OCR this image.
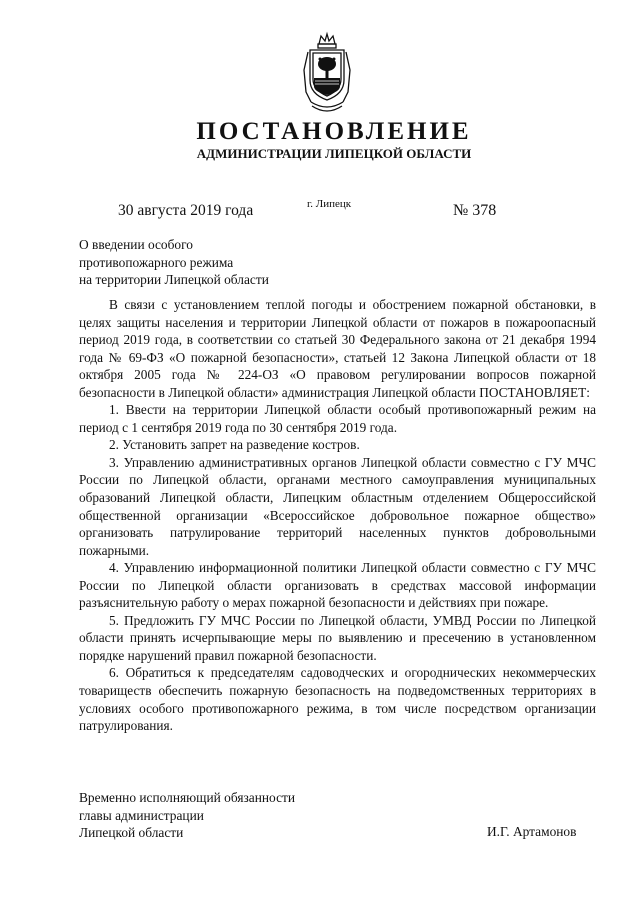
ПОСТАНОВЛЕНИЕ
АДМИНИСТРАЦИИ ЛИПЕЦКОЙ ОБЛАСТИ
30 августа 2019 года	г. Липецк	№ 378
О введении особого
противопожарного режима
на территории Липецкой области

В связи с установлением теплой погоды и обострением пожарной обстановки, в целях защиты населения и территории Липецкой области от пожаров в пожароопасный период 2019 года, в соответствии со статьей 30 Федерального закона от 21 декабря 1994 года № 69-ФЗ «О пожарной безопасности», статьей 12 Закона Липецкой области от 18 октября 2005 года № 224-ОЗ «О правовом регулировании вопросов пожарной безопасности в Липецкой области» администрация Липецкой области ПОСТАНОВЛЯЕТ:

1. Ввести на территории Липецкой области особый противопожарный режим на период с 1 сентября 2019 года по 30 сентября 2019 года.

2. Установить запрет на разведение костров.

3. Управлению административных органов Липецкой области совместно с ГУ МЧС России по Липецкой области, органами местного самоуправления муниципальных образований Липецкой области, Липецким областным отделением Общероссийской общественной организации «Всероссийское добровольное пожарное общество» организовать патрулирование территорий населенных пунктов добровольными пожарными.

4. Управлению информационной политики Липецкой области совместно с ГУ МЧС России по Липецкой области организовать в средствах массовой информации разъяснительную работу о мерах пожарной безопасности и действиях при пожаре.

5. Предложить ГУ МЧС России по Липецкой области, УМВД России по Липецкой области принять исчерпывающие меры по выявлению и пресечению в установленном порядке нарушений правил пожарной безопасности.

6. Обратиться к председателям садоводческих и огороднических некоммерческих товариществ обеспечить пожарную безопасность на подведомственных территориях в условиях особого противопожарного режима, в том числе посредством организации патрулирования.

Временно исполняющий обязанности
главы администрации
Липецкой области	И.Г. Артамонов
